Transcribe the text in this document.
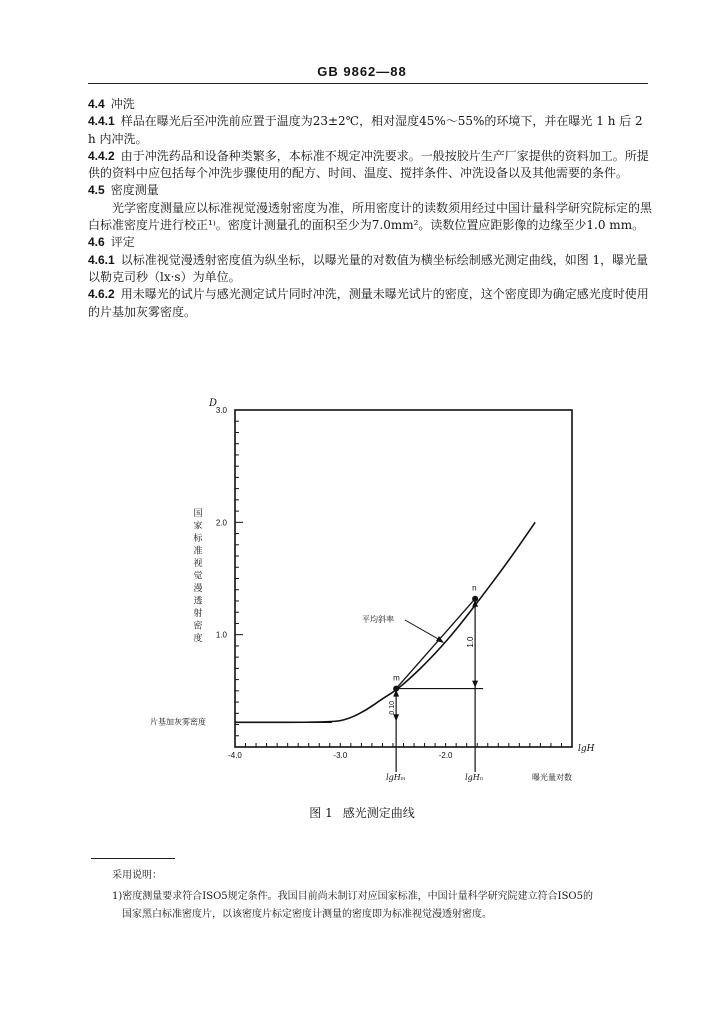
GB 9862—88

4.4 冲洗

4.4.1 样品在曝光后至冲洗前应置于温度为23±2℃，相对湿度45%～55%的环境下，并在曝光 1 h 后 2 h 内冲洗。

4.4.2 由于冲洗药品和设备种类繁多，本标准不规定冲洗要求。一般按胶片生产厂家提供的资料加工。所提供的资料中应包括每个冲洗步骤使用的配方、时间、温度、搅拌条件、冲洗设备以及其他需要的条件。

4.5 密度测量

光学密度测量应以标准视觉漫透射密度为准，所用密度计的读数须用经过中国计量科学研究院标定的黑白标准密度片进行校正¹⁾。密度计测量孔的面积至少为7.0mm²。读数位置应距影像的边缘至少1.0 mm。

4.6 评定

4.6.1 以标准视觉漫透射密度值为纵坐标，以曝光量的对数值为横坐标绘制感光测定曲线，如图 1，曝光量以勒克司秒（lx·s）为单位。

4.6.2 用未曝光的试片与感光测定试片同时冲洗，测量未曝光试片的密度，这个密度即为确定感光度时使用的片基加灰雾密度。

3.0
2.0
1.0
-4.0	-3.0	-2.0
D
国
家
标
准
视
觉
漫
透
射
密
度
lgH
曝光量对数
片基加灰雾密度
m
n
0.10
1.0
lgHₘ	lgHₙ
平均斜率
图 1 感光测定曲线
采用说明：
1)密度测量要求符合ISO5规定条件。我国目前尚未制订对应国家标准，中国计量科学研究院建立符合ISO5的
国家黑白标准密度片，以该密度片标定密度计测量的密度即为标准视觉漫透射密度。
